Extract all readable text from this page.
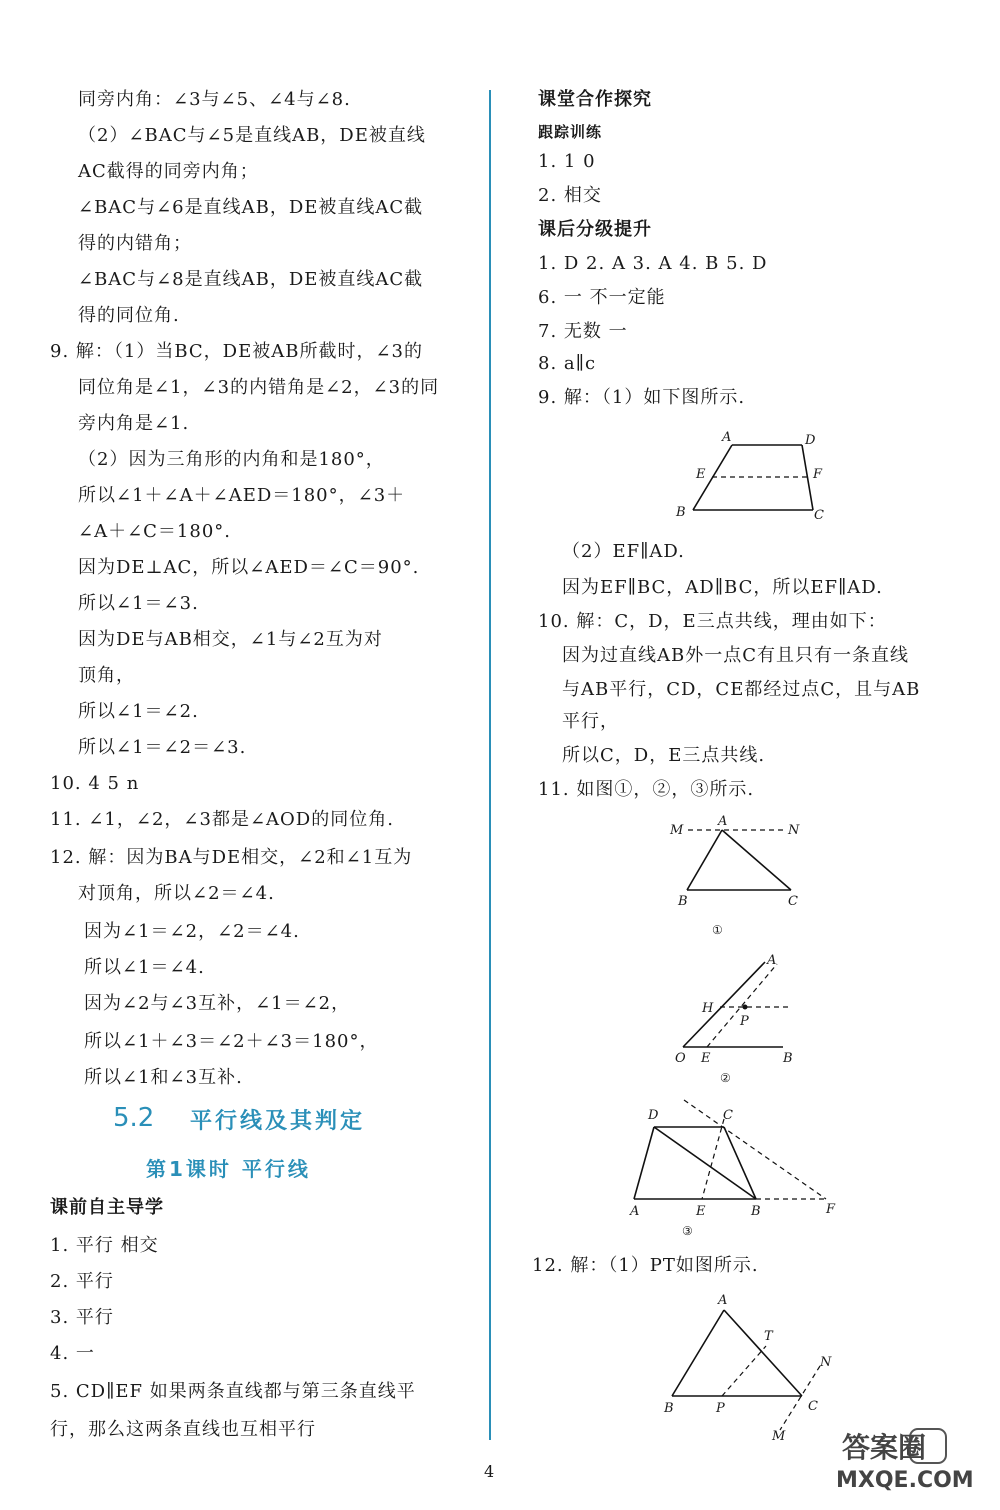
同旁内角：∠3与∠5、∠4与∠8.
（2）∠BAC与∠5是直线AB，DE被直线
AC截得的同旁内角；
∠BAC与∠6是直线AB，DE被直线AC截
得的内错角；
∠BAC与∠8是直线AB，DE被直线AC截
得的同位角.
9. 解：（1）当BC，DE被AB所截时，∠3的
同位角是∠1，∠3的内错角是∠2，∠3的同
旁内角是∠1.
（2）因为三角形的内角和是180°，
所以∠1＋∠A＋∠AED＝180°，∠3＋
∠A＋∠C＝180°.
因为DE⊥AC，所以∠AED＝∠C＝90°.
所以∠1＝∠3.
因为DE与AB相交，∠1与∠2互为对
顶角，
所以∠1＝∠2.
所以∠1＝∠2＝∠3.
10. 4 5 n
11. ∠1，∠2，∠3都是∠AOD的同位角.
12. 解：因为BA与DE相交，∠2和∠1互为
对顶角，所以∠2＝∠4.
因为∠1＝∠2，∠2＝∠4.
所以∠1＝∠4.
因为∠2与∠3互补，∠1＝∠2，
所以∠1＋∠3＝∠2＋∠3＝180°，
所以∠1和∠3互补.
课前自主导学
1. 平行 相交
2. 平行
3. 平行
4. 一
5. CD∥EF 如果两条直线都与第三条直线平
行，那么这两条直线也互相平行
5.2 平行线及其判定
第1课时 平行线
课堂合作探究
跟踪训练
1. 1 0
2. 相交
课后分级提升
1. D 2. A 3. A 4. B 5. D
6. 一 不一定能
7. 无数 一
8. a∥c
9. 解：（1）如下图所示.
（2）EF∥AD.
因为EF∥BC，AD∥BC，所以EF∥AD.
10. 解：C，D，E三点共线，理由如下：
因为过直线AB外一点C有且只有一条直线
与AB平行，CD，CE都经过点C，且与AB
平行，
所以C，D，E三点共线.
11. 如图①，②，③所示.
12. 解：（1）PT如图所示.
A	D
E	F
B	C
M
A
N
B	C
①
A
H
P
O E	B
②
D	C
A	E	B	F
③
A
T
N
B	P	C
M
4
答案圈
MXQE.COM
